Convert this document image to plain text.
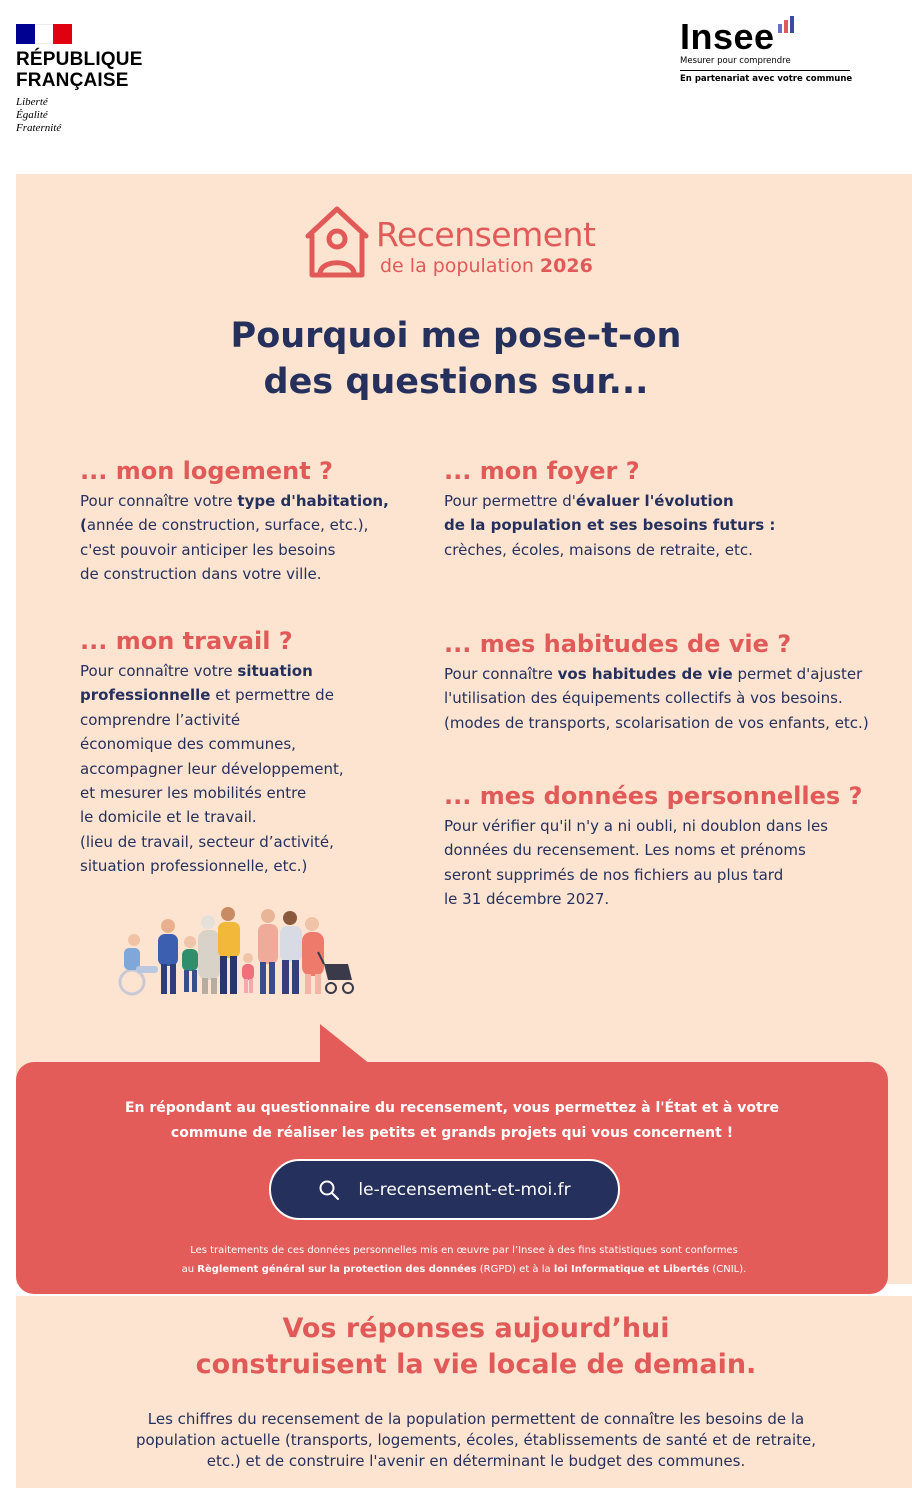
RÉPUBLIQUE
FRANÇAISE
Liberté
Égalité
Fraternité
Insee
Mesurer pour comprendre
En partenariat avec votre commune
Recensement
de la population 2026
Pourquoi me pose-t-on
des questions sur...
... mon logement ?

Pour connaître votre type d'habitation,

(année de construction, surface, etc.),

c'est pouvoir anticiper les besoins

de construction dans votre ville.

... mon foyer ?

Pour permettre d'évaluer l'évolution

de la population et ses besoins futurs :

crèches, écoles, maisons de retraite, etc.

... mon travail ?

Pour connaître votre situation

professionnelle et permettre de

comprendre l’activité

économique des communes,

accompagner leur développement,

et mesurer les mobilités entre

le domicile et le travail.

(lieu de travail, secteur d’activité,

situation professionnelle, etc.)

... mes habitudes de vie ?

Pour connaître vos habitudes de vie permet d'ajuster

l'utilisation des équipements collectifs à vos besoins.

(modes de transports, scolarisation de vos enfants, etc.)

... mes données personnelles ?

Pour vérifier qu'il n'y a ni oubli, ni doublon dans les

données du recensement. Les noms et prénoms

seront supprimés de nos fichiers au plus tard

le 31 décembre 2027.

En répondant au questionnaire du recensement, vous permettez à l'État et à votre
commune de réaliser les petits et grands projets qui vous concernent !
le-recensement-et-moi.fr
Les traitements de ces données personnelles mis en œuvre par l’Insee à des fins statistiques sont conformes
au Règlement général sur la protection des données (RGPD) et à la loi Informatique et Libertés (CNIL).
Vos réponses aujourd’hui
construisent la vie locale de demain.
Les chiffres du recensement de la population permettent de connaître les besoins de la
population actuelle (transports, logements, écoles, établissements de santé et de retraite,
etc.) et de construire l'avenir en déterminant le budget des communes.
